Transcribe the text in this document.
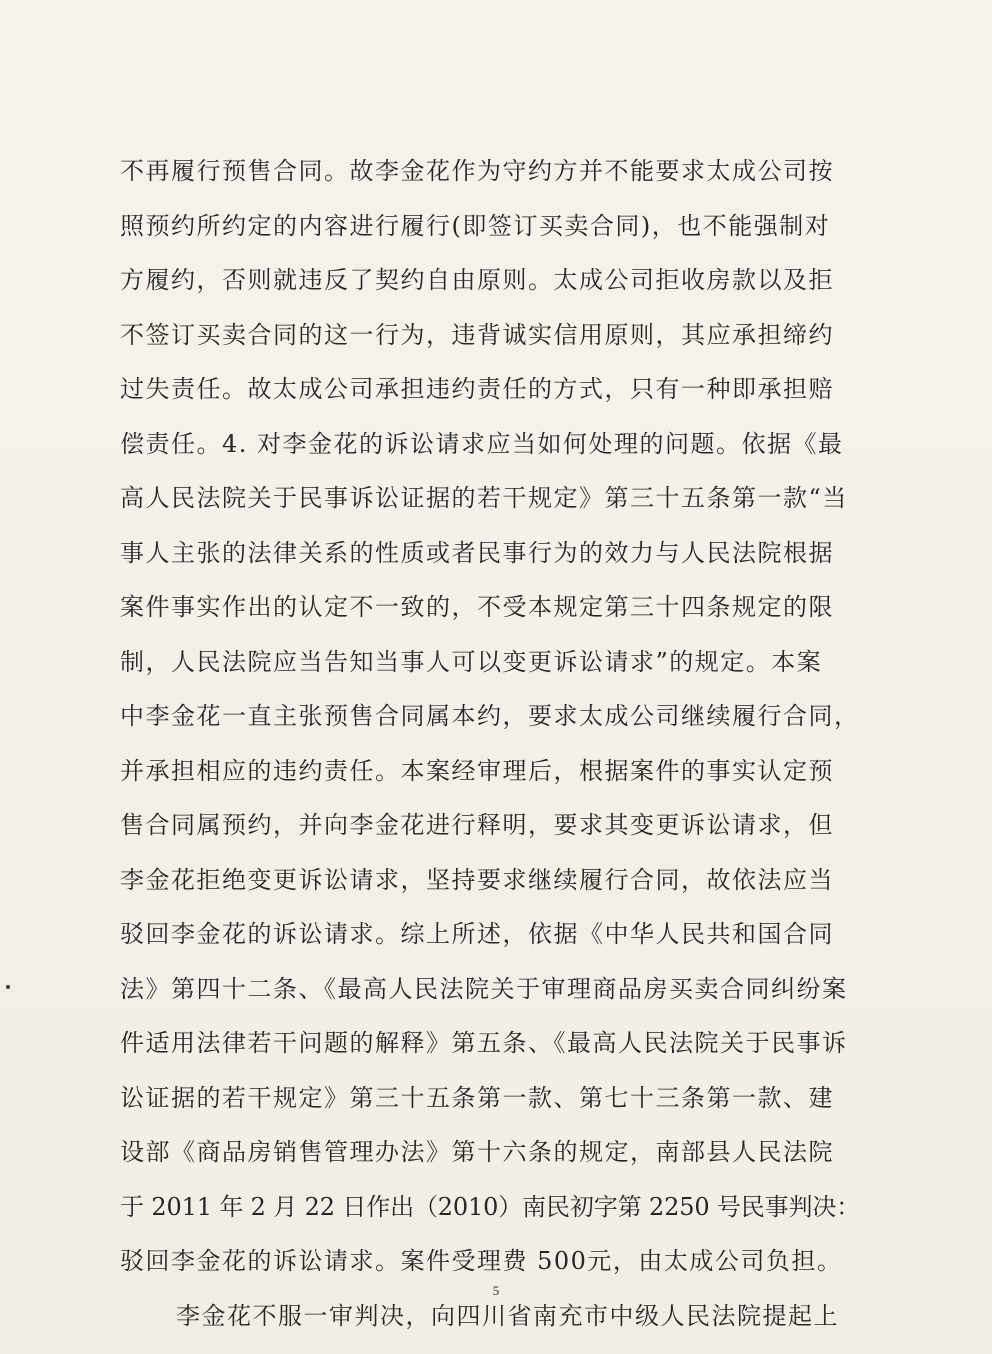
不再履行预售合同。故李金花作为守约方并不能要求太成公司按
照预约所约定的内容进行履行(即签订买卖合同)，也不能强制对
方履约，否则就违反了契约自由原则。太成公司拒收房款以及拒
不签订买卖合同的这一行为，违背诚实信用原则，其应承担缔约
过失责任。故太成公司承担违约责任的方式，只有一种即承担赔
偿责任。4. 对李金花的诉讼请求应当如何处理的问题。依据《最
高人民法院关于民事诉讼证据的若干规定》第三十五条第一款“当
事人主张的法律关系的性质或者民事行为的效力与人民法院根据
案件事实作出的认定不一致的，不受本规定第三十四条规定的限
制，人民法院应当告知当事人可以变更诉讼请求”的规定。本案
中李金花一直主张预售合同属本约，要求太成公司继续履行合同，
并承担相应的违约责任。本案经审理后，根据案件的事实认定预
售合同属预约，并向李金花进行释明，要求其变更诉讼请求，但
李金花拒绝变更诉讼请求，坚持要求继续履行合同，故依法应当
驳回李金花的诉讼请求。综上所述，依据《中华人民共和国合同
法》第四十二条、《最高人民法院关于审理商品房买卖合同纠纷案
件适用法律若干问题的解释》第五条、《最高人民法院关于民事诉
讼证据的若干规定》第三十五条第一款、第七十三条第一款、建
设部《商品房销售管理办法》第十六条的规定，南部县人民法院
于 2011 年 2 月 22 日作出（2010）南民初字第 2250 号民事判决：
驳回李金花的诉讼请求。案件受理费 500元，由太成公司负担。
李金花不服一审判决，向四川省南充市中级人民法院提起上
5
